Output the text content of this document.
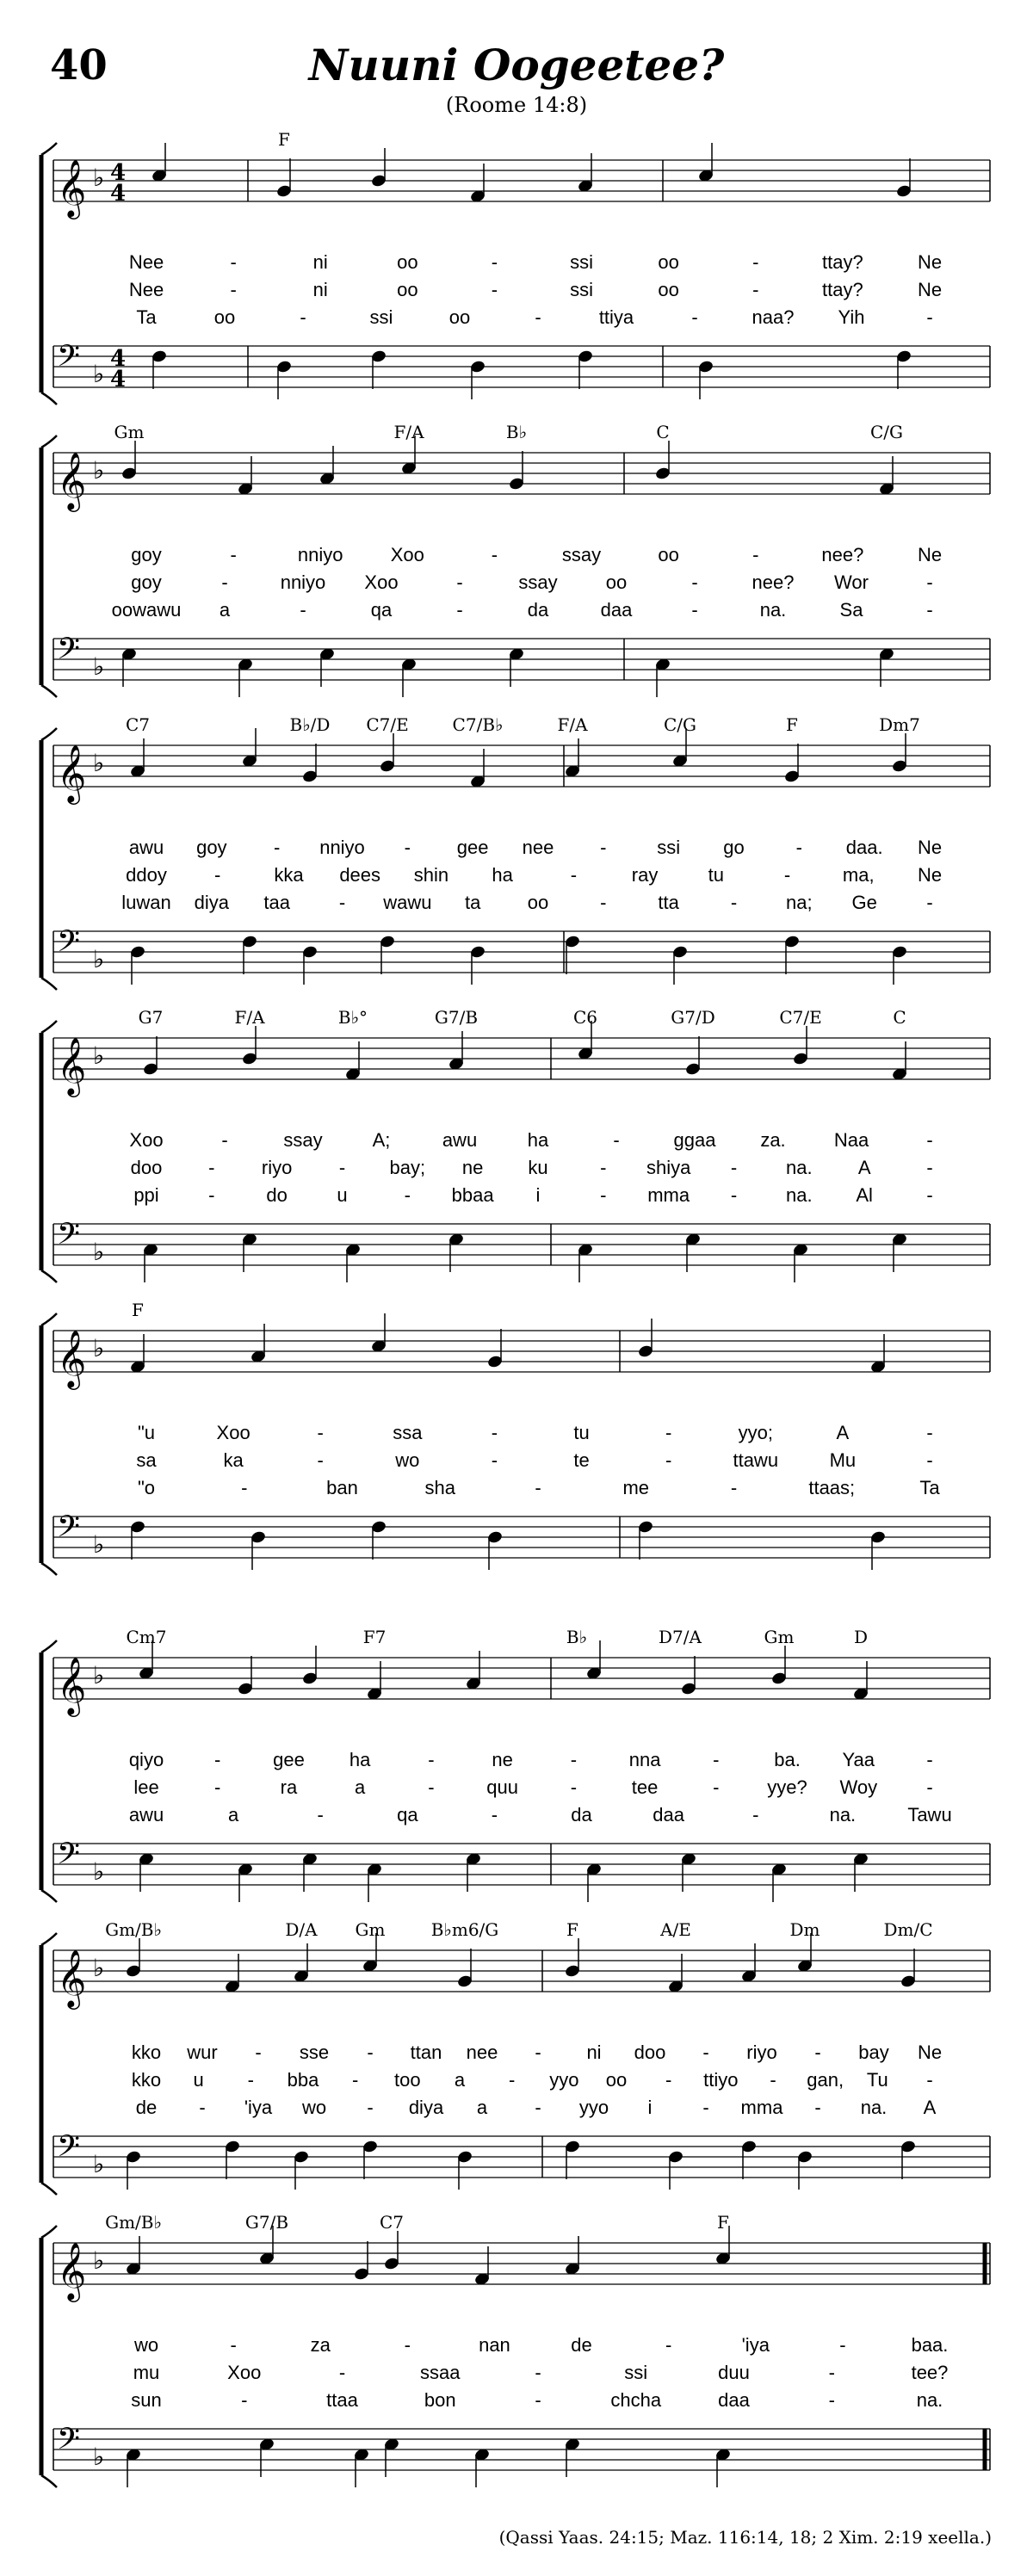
40	Nuuni Oogeetee?
(Roome 14:8)
𝄞 ♭ 4
4
𝄢 ♭
4
4
F
Nee	-	ni	oo	-	ssi	oo	-	ttay?	Ne
Nee	-	ni	oo	-	ssi	oo	-	ttay?	Ne
Ta	oo	-	ssi	oo	-	ttiya	-	naa? Yih	-
𝄞 ♭
𝄢 ♭
Gm	F/A	B♭	C	C/G
goy	-	nniyo	Xoo	-	ssay	oo	-	nee?	Ne
goy	-	nniyo Xoo	-	ssay	oo	-	nee? Wor	-
oowawu a	-	qa	-	da	daa	-	na.	Sa	-
𝄞 ♭
𝄢 ♭
C7	B♭/D C7/E	C7/B♭	F/A	C/G	F	Dm7
awu goy - nniyo - gee nee -	ssi go	- daa. Ne
ddoy	-	kka dees shin ha	-	ray	tu	-	ma, Ne
luwan diya taa	- wawu ta oo	-	tta	-	na; Ge	-
𝄞 ♭
𝄢 ♭
G7	F/A	B♭°	G7/B	C6	G7/D	C7/E	C
Xoo	-	ssay	A;	awu	ha	-	ggaa za.	Naa	-
doo - riyo - bay; ne ku	- shiya -	na. A	-
ppi	-	do	u	- bbaa i	- mma -	na. Al	-
𝄞 ♭
𝄢 ♭
F
"u	Xoo	-	ssa	-	tu	-	yyo;	A	-
sa	ka	-	wo	-	te	-	ttawu	Mu	-
"o	-	ban	sha	-	me	-	ttaas;	Ta
𝄞 ♭
𝄢 ♭
Cm7	F7	B♭	D7/A	Gm	D
qiyo	-	gee ha	-	ne	-	nna	-	ba. Yaa	-
lee	-	ra	a	-	quu	-	tee	-	yye? Woy	-
awu	a	-	qa	-	da	daa	-	na.	Tawu
𝄞 ♭
𝄢 ♭
Gm/B♭	D/A Gm	B♭m6/G	F	A/E	Dm	Dm/C
kko wur - sse - ttan nee - ni doo - riyo - bay Ne
kko u - bba - too a - yyo oo - ttiyo - gan, Tu -
de - 'iya wo - diya a	- yyo i	- mma - na. A
𝄞 ♭
𝄢 ♭
Gm/B♭	G7/B	C7	F
wo	-	za	-	nan	de	-	'iya	-	baa.
mu	Xoo	-	ssaa	-	ssi	duu	-	tee?
sun	-	ttaa	bon	-	chcha	daa	-	na.
(Qassi Yaas. 24:15; Maz. 116:14, 18; 2 Xim. 2:19 xeella.)
